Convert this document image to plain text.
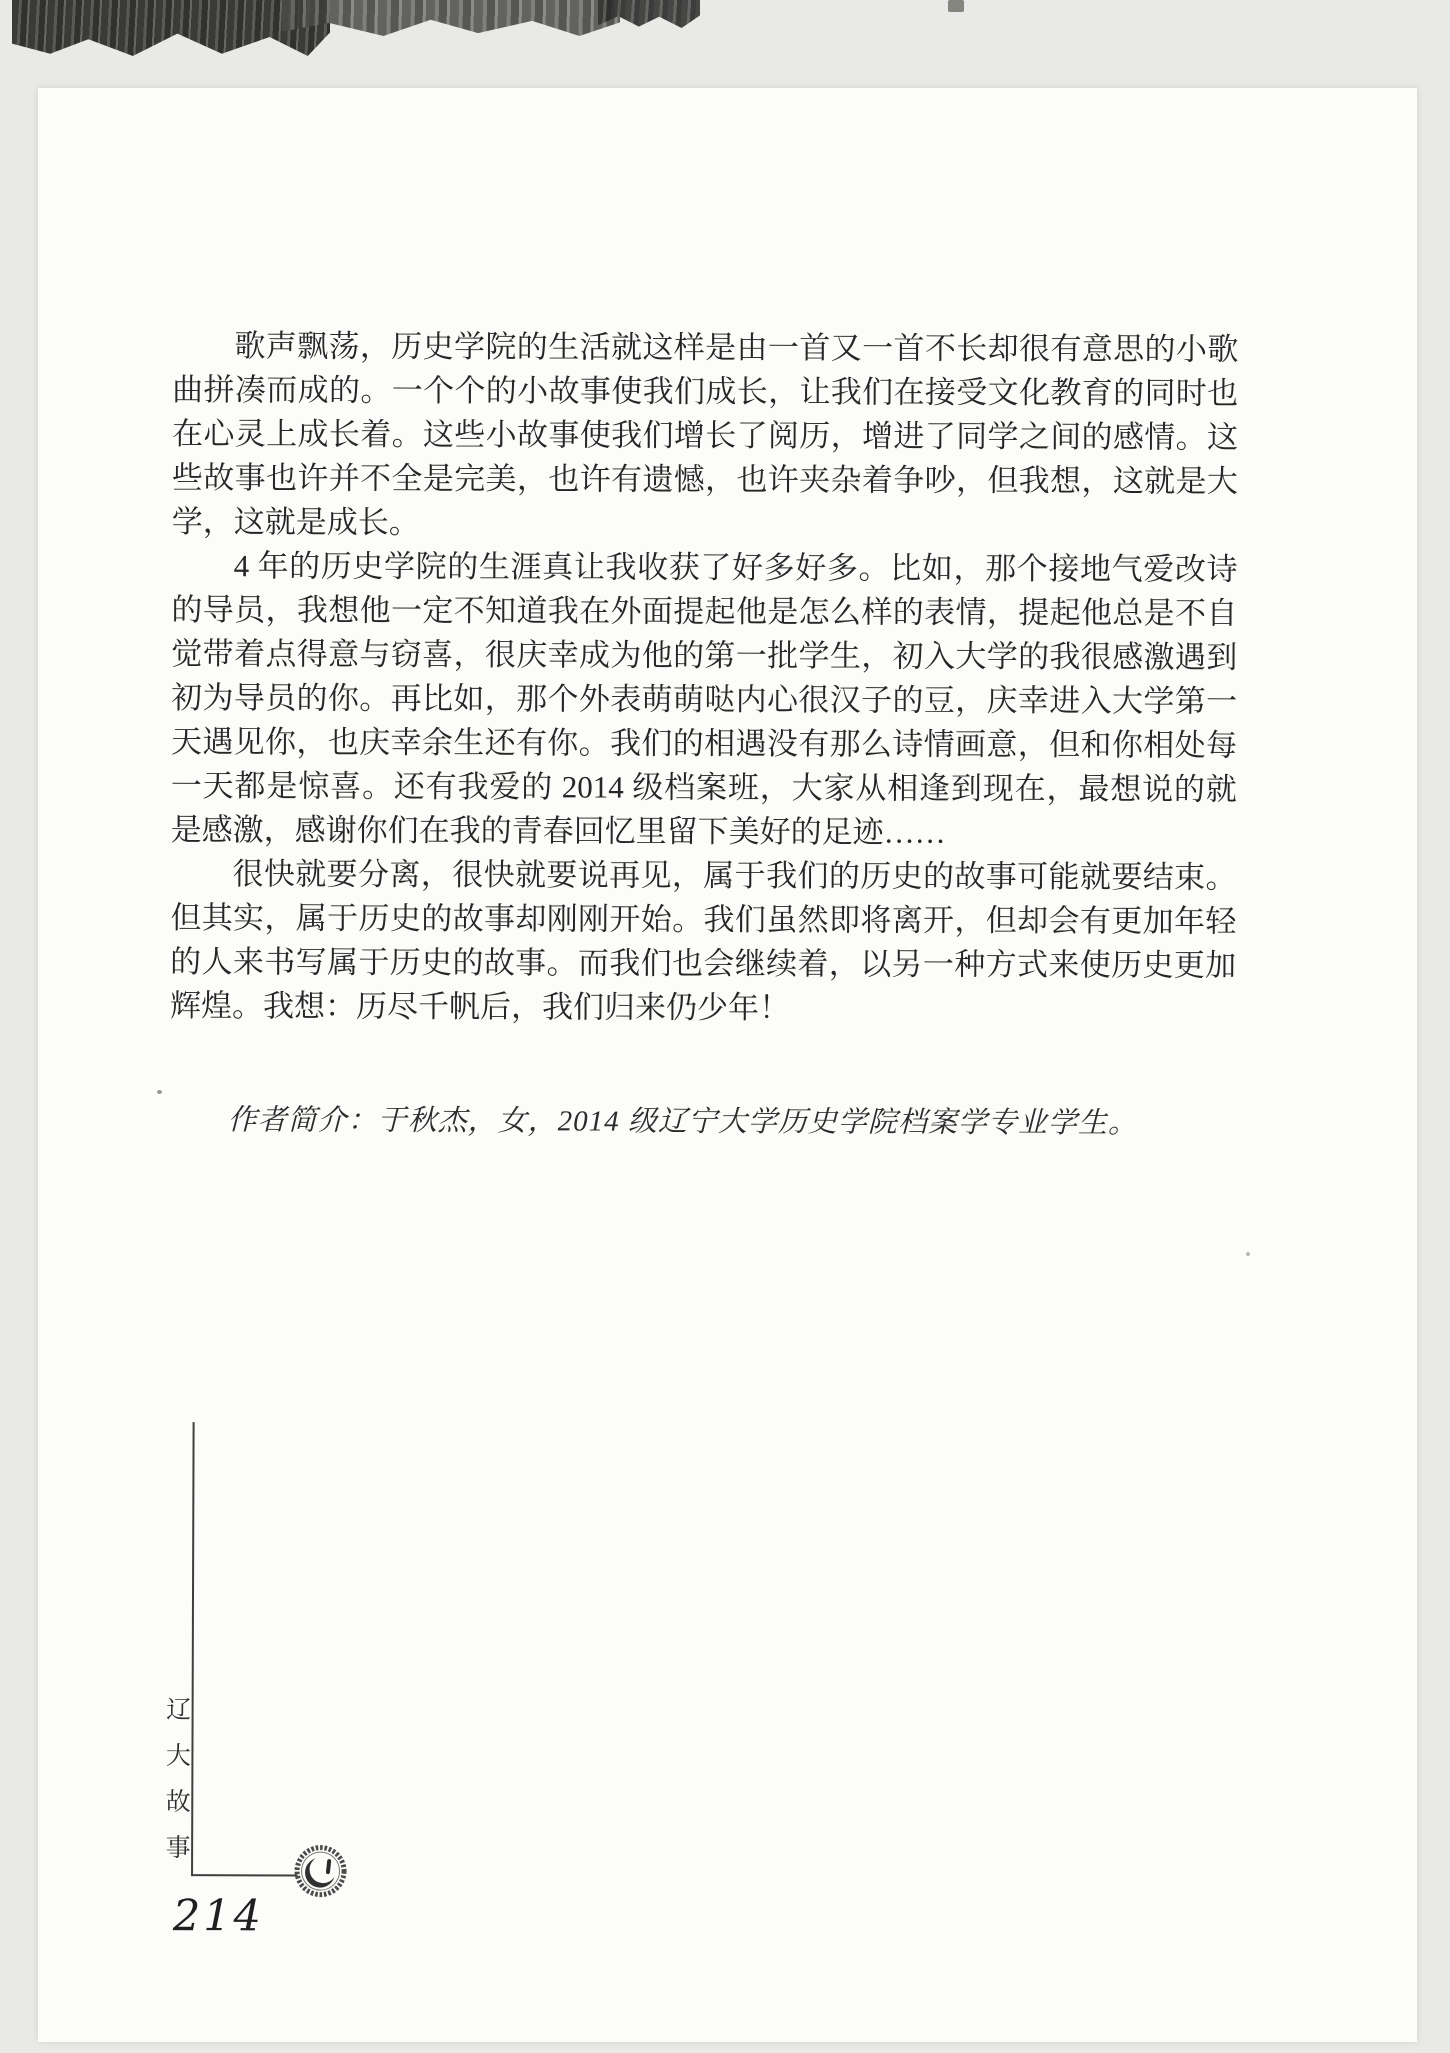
歌声飘荡，历史学院的生活就这样是由一首又一首不长却很有意思的小歌曲拼凑而成的。一个个的小故事使我们成长，让我们在接受文化教育的同时也在心灵上成长着。这些小故事使我们增长了阅历，增进了同学之间的感情。这些故事也许并不全是完美，也许有遗憾，也许夹杂着争吵，但我想，这就是大学，这就是成长。

4 年的历史学院的生涯真让我收获了好多好多。比如，那个接地气爱改诗的导员，我想他一定不知道我在外面提起他是怎么样的表情，提起他总是不自觉带着点得意与窃喜，很庆幸成为他的第一批学生，初入大学的我很感激遇到初为导员的你。再比如，那个外表萌萌哒内心很汉子的豆，庆幸进入大学第一天遇见你，也庆幸余生还有你。我们的相遇没有那么诗情画意，但和你相处每一天都是惊喜。还有我爱的 2014 级档案班，大家从相逢到现在，最想说的就是感激，感谢你们在我的青春回忆里留下美好的足迹……

很快就要分离，很快就要说再见，属于我们的历史的故事可能就要结束。但其实，属于历史的故事却刚刚开始。我们虽然即将离开，但却会有更加年轻的人来书写属于历史的故事。而我们也会继续着，以另一种方式来使历史更加辉煌。我想：历尽千帆后，我们归来仍少年！

作者简介：于秋杰，女，2014 级辽宁大学历史学院档案学专业学生。

辽大故事
214
